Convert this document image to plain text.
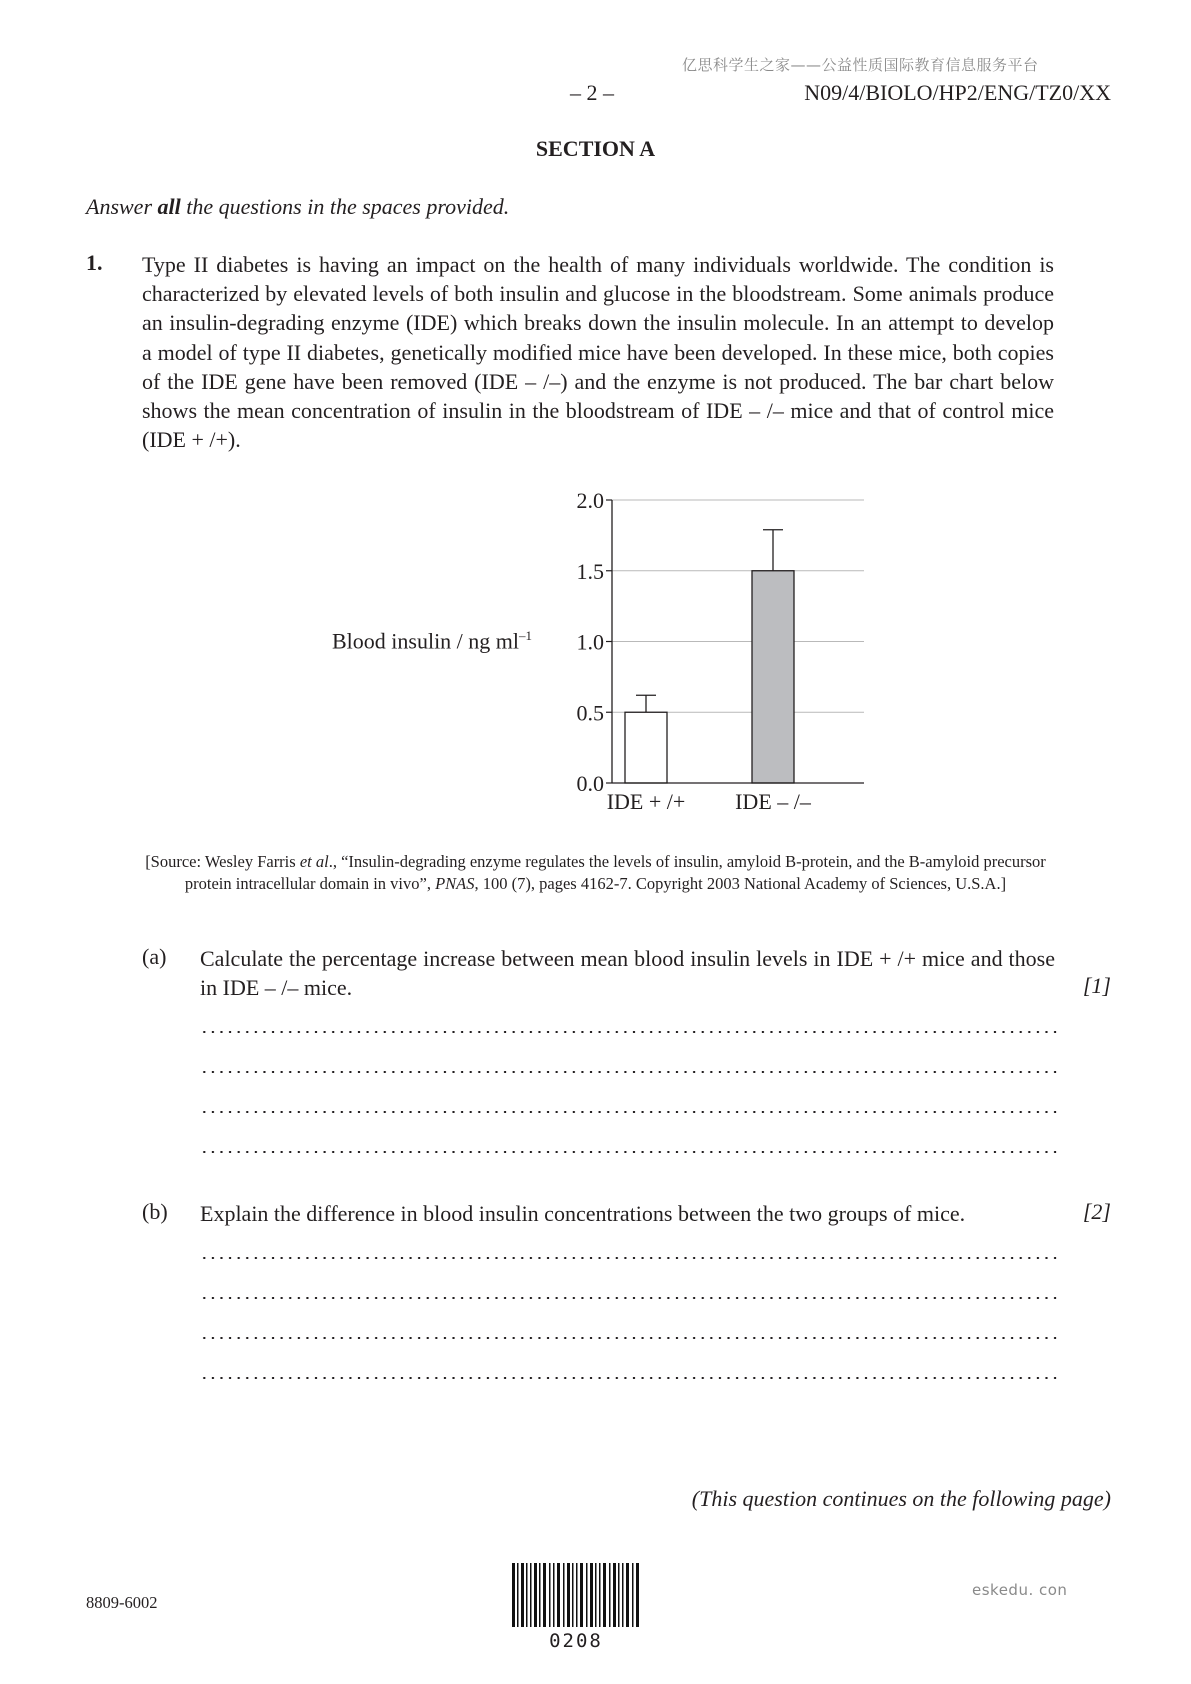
亿思科学生之家——公益性质国际教育信息服务平台
– 2 –	N09/4/BIOLO/HP2/ENG/TZ0/XX
SECTION A
Answer all the questions in the spaces provided.
1. Type II diabetes is having an impact on the health of many individuals worldwide. The condition is characterized by elevated levels of both insulin and glucose in the bloodstream. Some animals produce an insulin-degrading enzyme (IDE) which breaks down the insulin molecule. In an attempt to develop a model of type II diabetes, genetically modified mice have been developed. In these mice, both copies of the IDE gene have been removed (IDE – /–) and the enzyme is not produced. The bar chart below shows the mean concentration of insulin in the bloodstream of IDE – /– mice and that of control mice (IDE + /+).
Blood insulin / ng $ml^{-1}$
0.0
0.5
1.0
1.5
2.0
IDE + /+ IDE – /–
[Source: Wesley Farris et al., “Insulin-degrading enzyme regulates the levels of insulin, amyloid B-protein, and the B-amyloid precursor
protein intracellular domain in vivo”, PNAS, 100 (7), pages 4162-7. Copyright 2003 National Academy of Sciences, U.S.A.]
(a) Calculate the percentage increase between mean blood insulin levels in IDE + /+ mice and those in IDE – /– mice.	[1]
(b) Explain the difference in blood insulin concentrations between the two groups of mice.	[2]
(This question continues on the following page)
8809-6002
0208
eskedu. con
